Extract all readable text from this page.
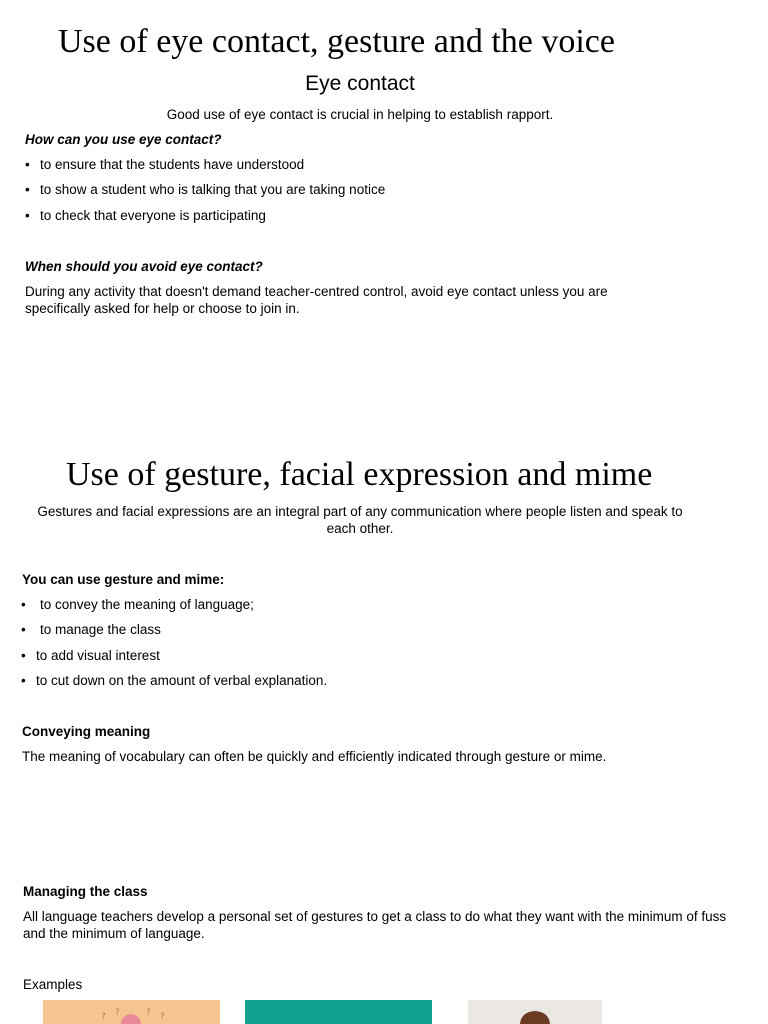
Use of eye contact, gesture and the voice
Eye contact
Good use of eye contact is crucial in helping to establish rapport.
How can you use eye contact?
• to ensure that the students have understood
• to show a student who is talking that you are taking notice
• to check that everyone is participating
When should you avoid eye contact?
During any activity that doesn't demand teacher-centred control, avoid eye contact unless you are specifically asked for help or choose to join in.
Use of gesture, facial expression and mime
Gestures and facial expressions are an integral part of any communication where people listen and speak to each other.
You can use gesture and mime:
• to convey the meaning of language;
• to manage the class
• to add visual interest
• to cut down on the amount of verbal explanation.
Conveying meaning
The meaning of vocabulary can often be quickly and efficiently indicated through gesture or mime.
Managing the class
All language teachers develop a personal set of gestures to get a class to do what they want with the minimum of fuss and the minimum of language.
Examples
? ?	? ?
